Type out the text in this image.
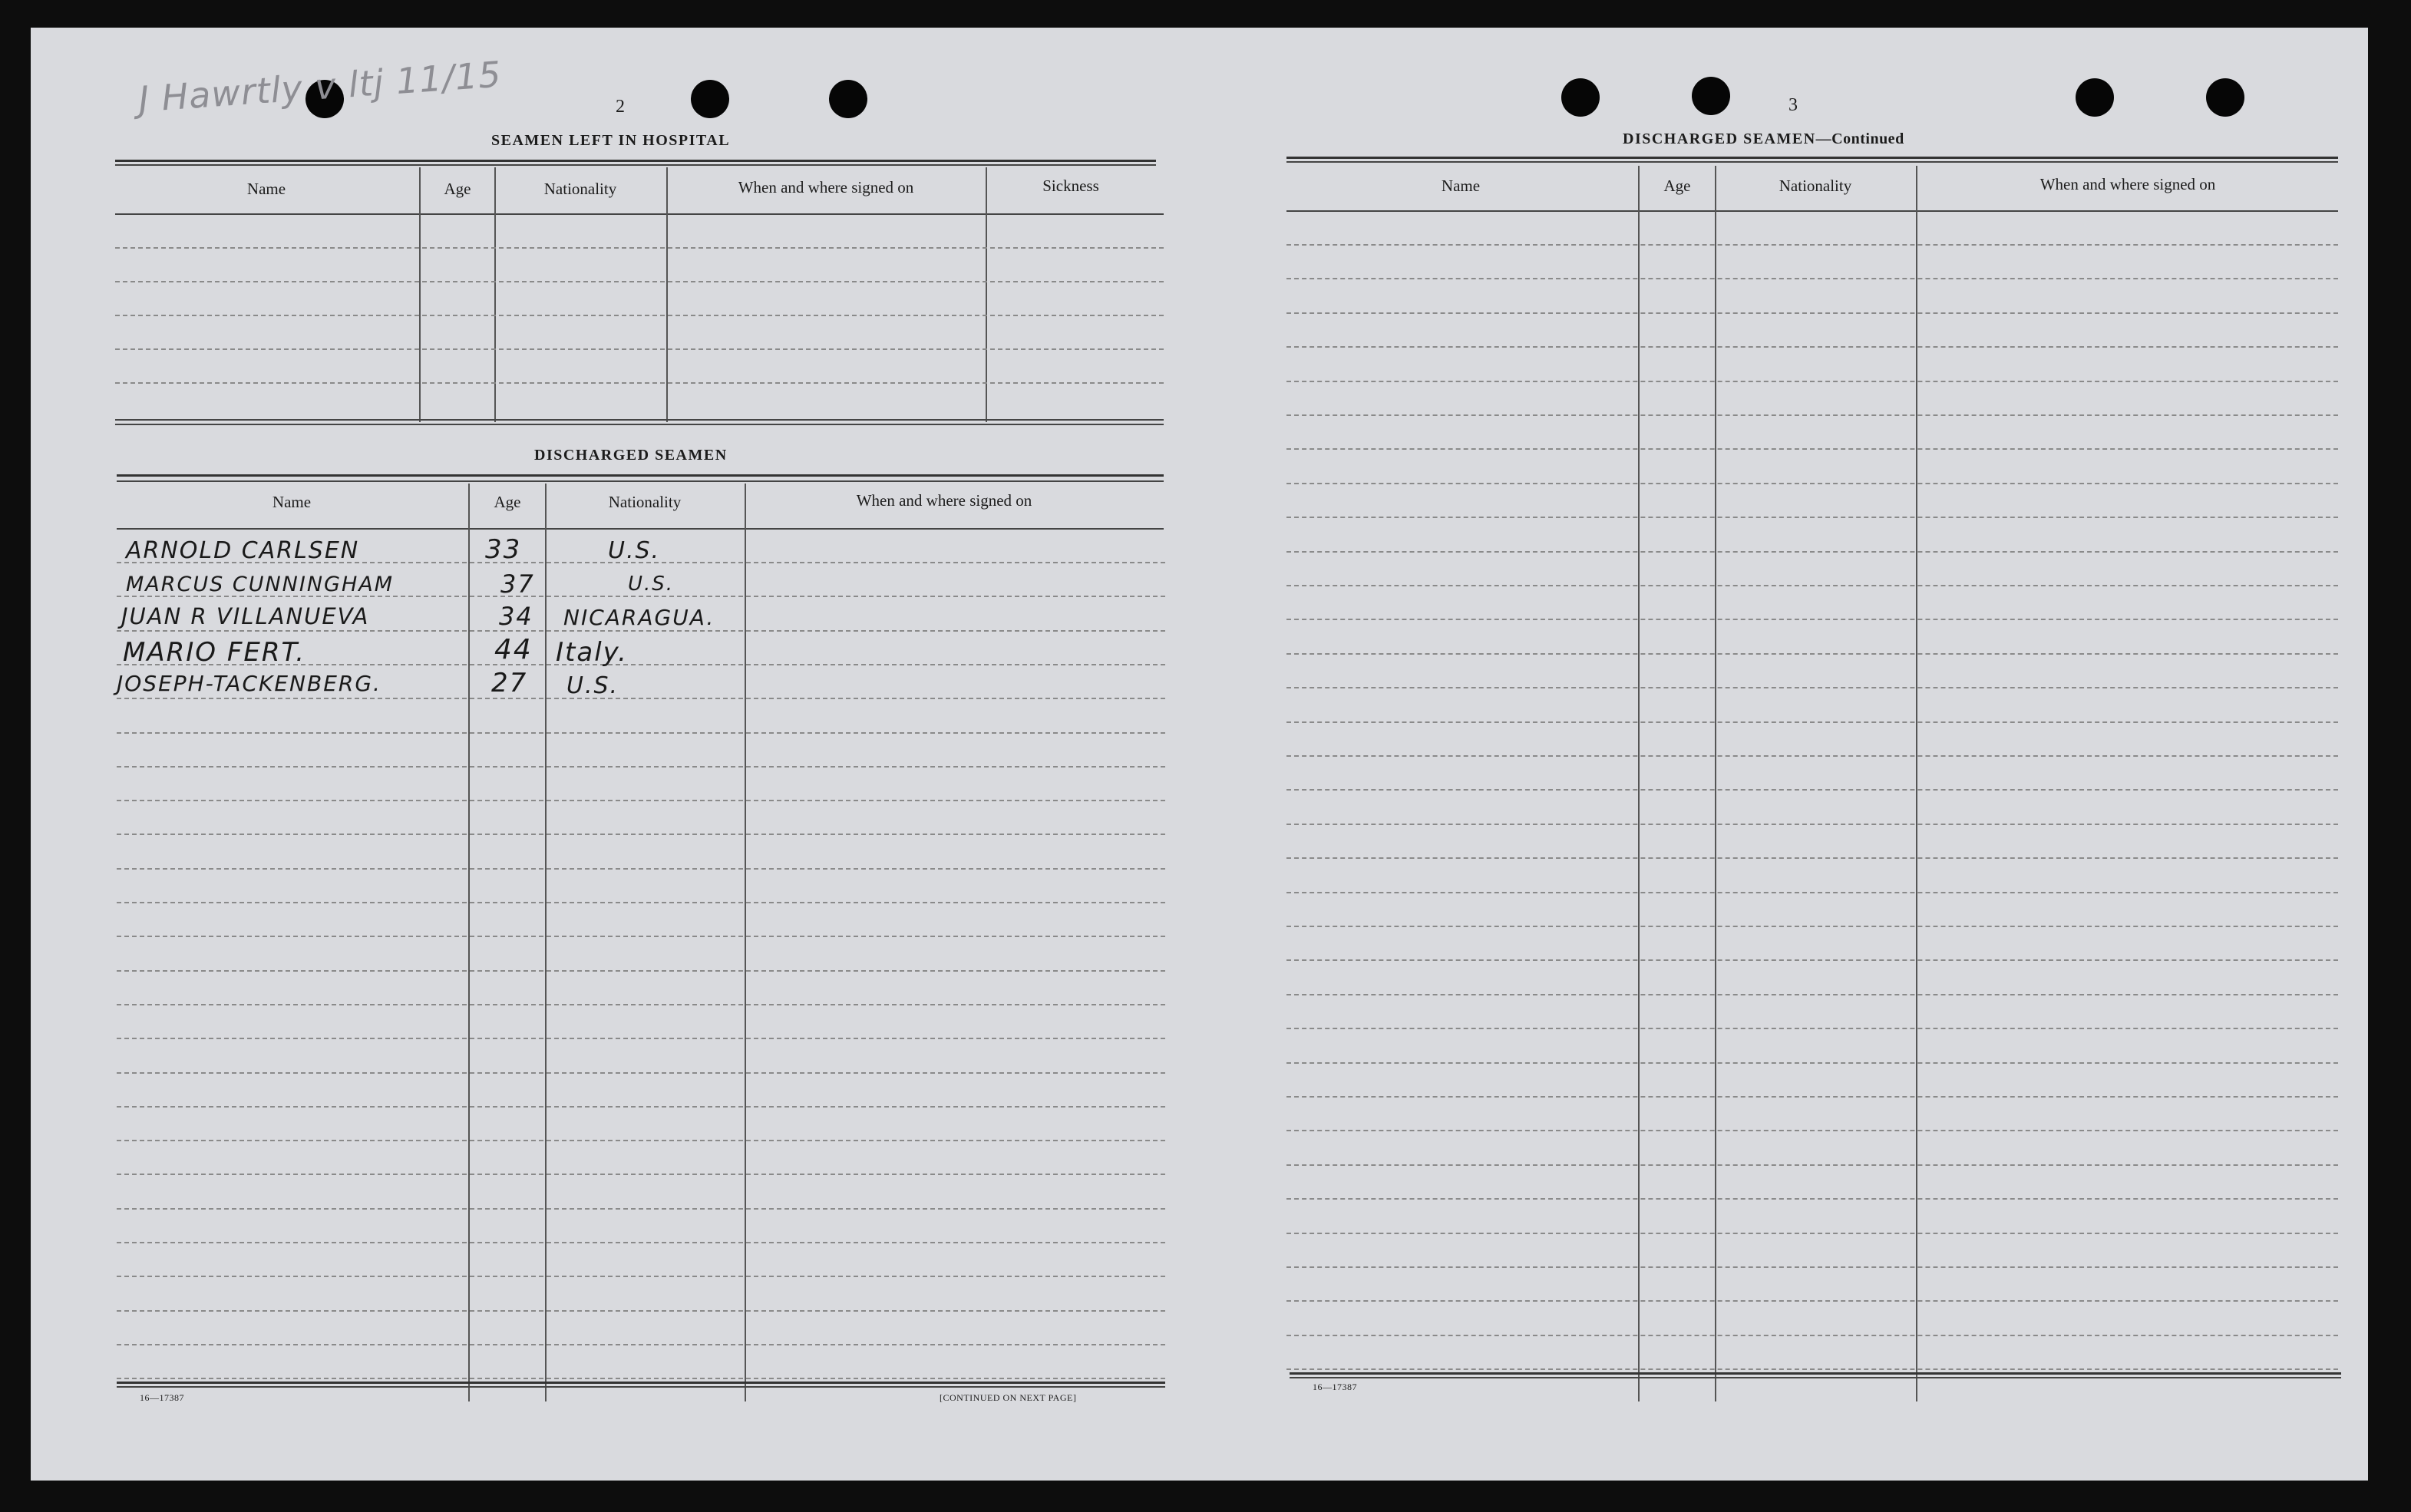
J Hawrtly v ltj 11/15	2
SEAMEN LEFT IN HOSPITAL
Name	Age	Nationality	When and where signed on	Sickness
DISCHARGED SEAMEN
Name	Age	Nationality	When and where signed on
ARNOLD CARLSEN	33	U.S.
MARCUS CUNNINGHAM	37	U.S.
JUAN R VILLANUEVA	34 NICARAGUA.
MARIO FERT.	44 Italy.
JOSEPH-TACKENBERG.	27 U.S.
16—17387	[CONTINUED ON NEXT PAGE]
3
DISCHARGED SEAMEN—Continued
Name	Age	Nationality	When and where signed on
16—17387
